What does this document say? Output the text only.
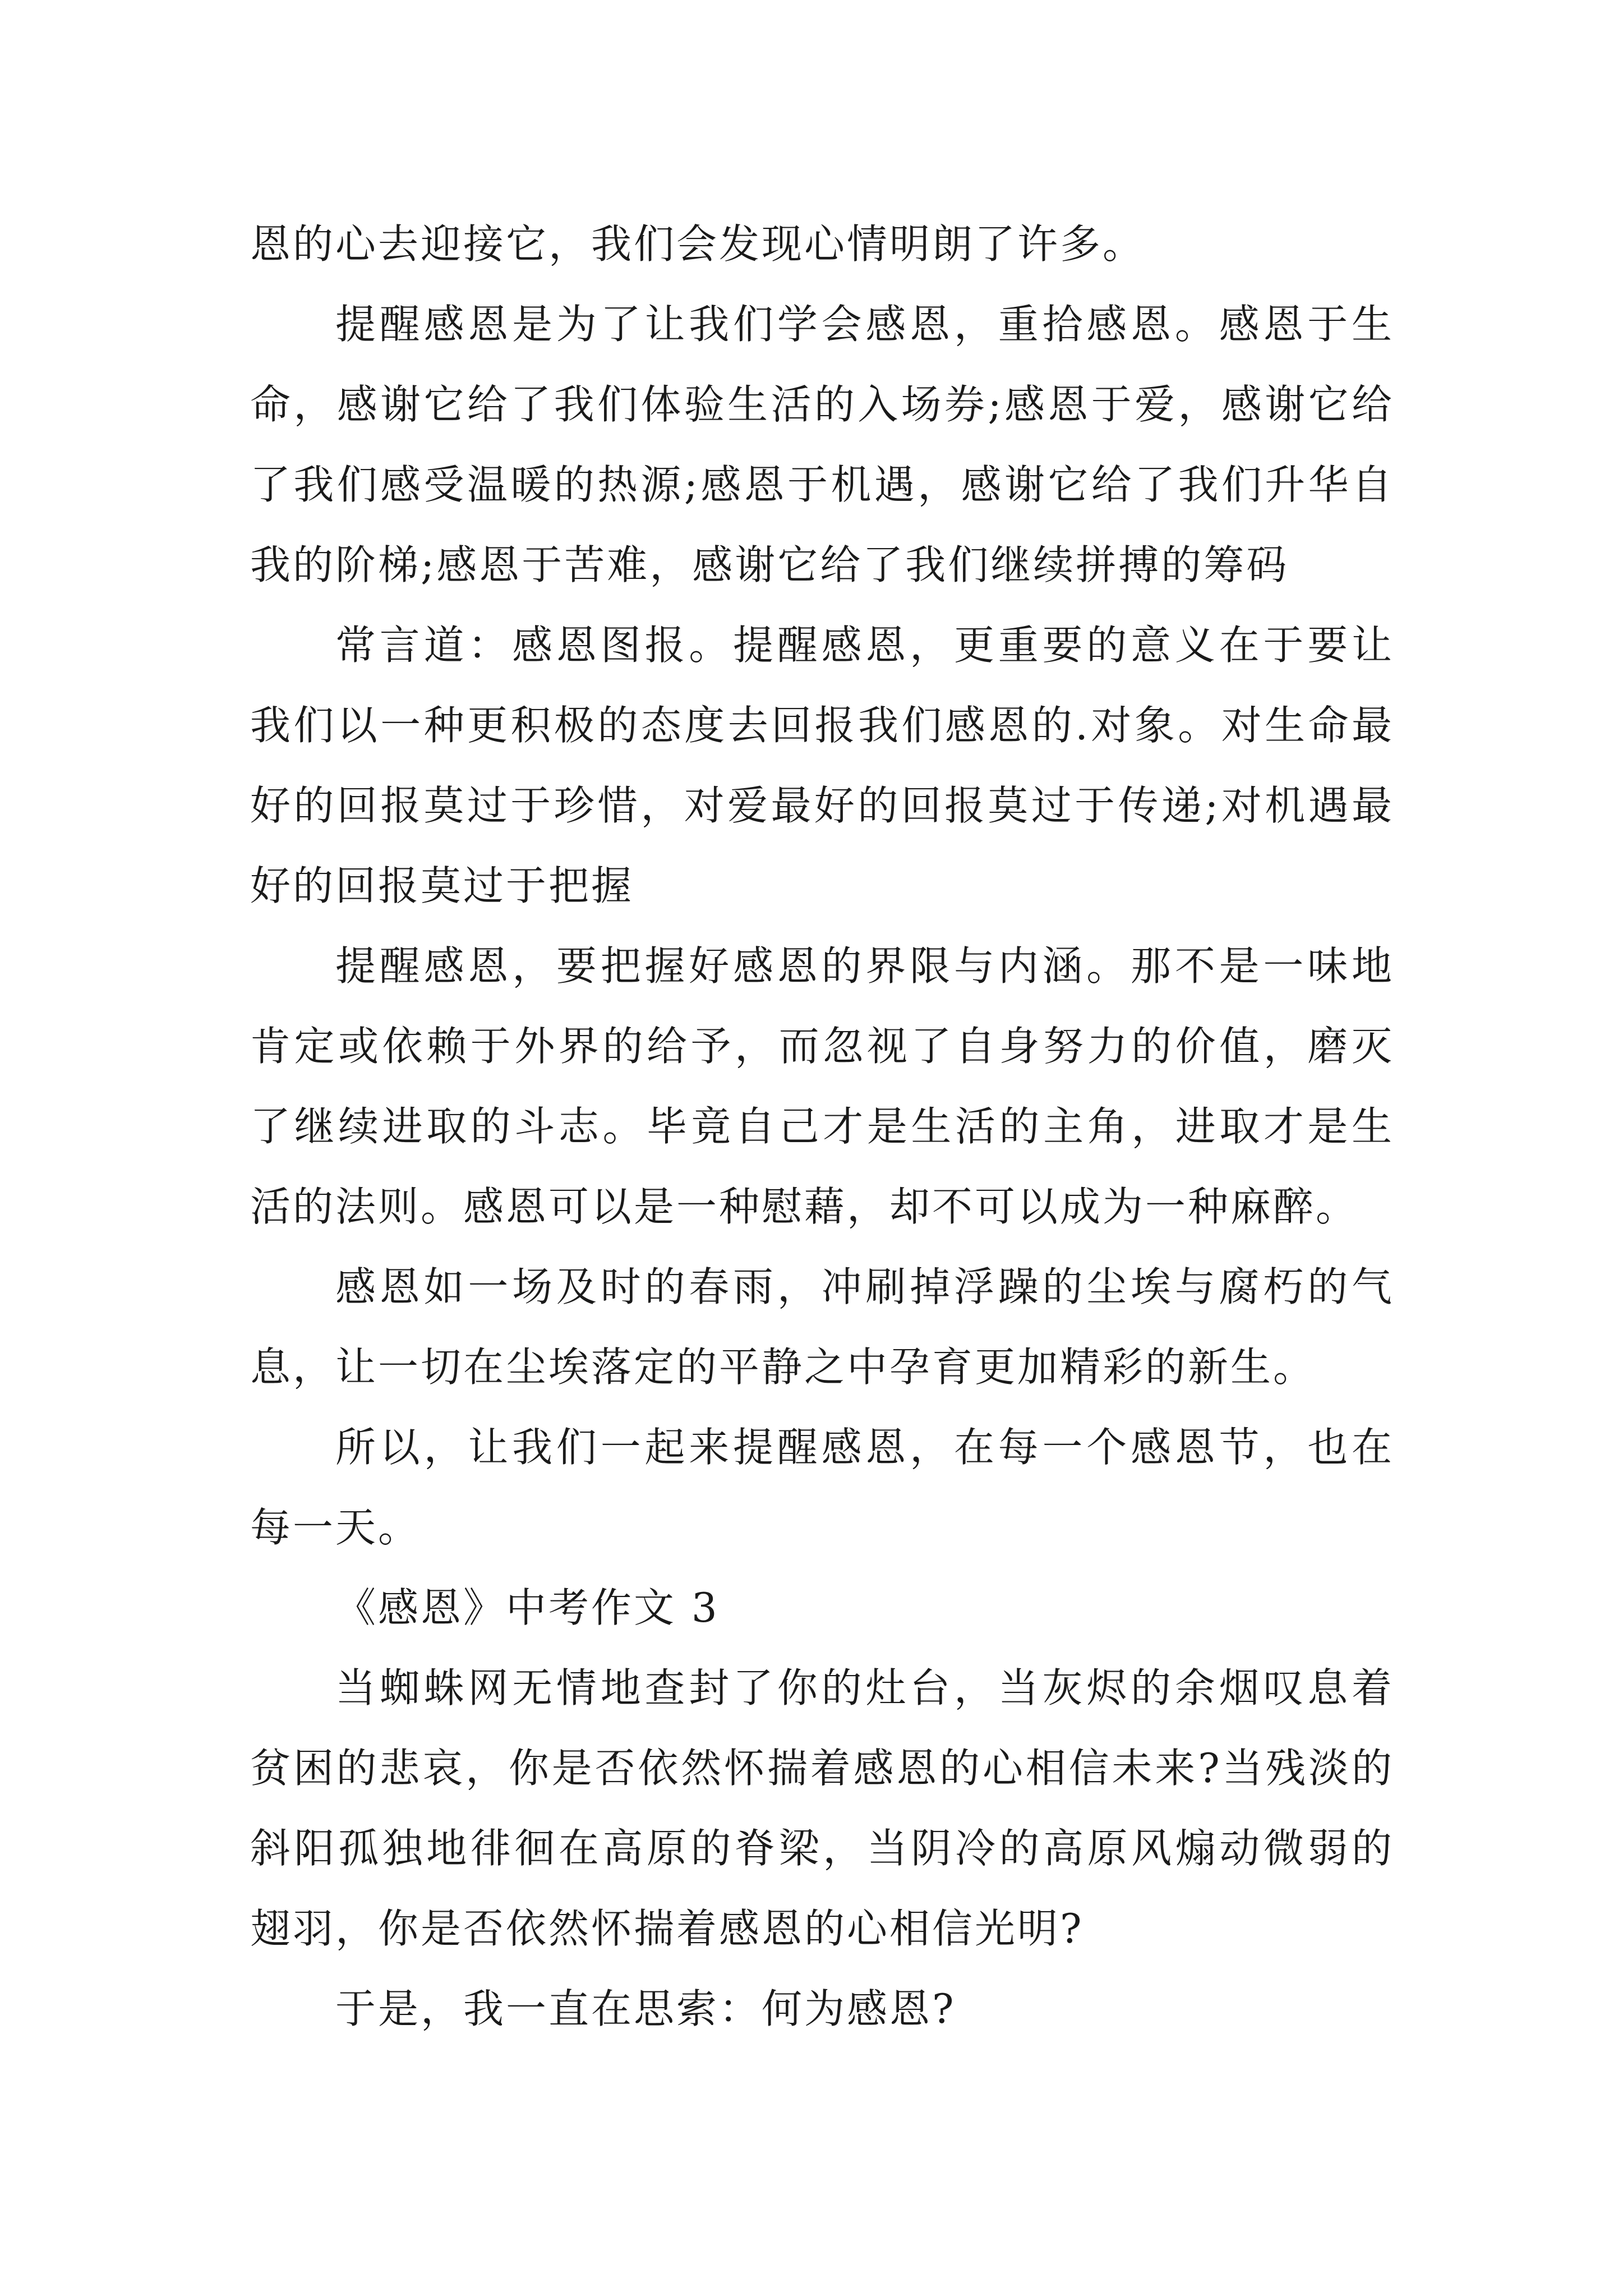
恩的心去迎接它，我们会发现心情明朗了许多。

提醒感恩是为了让我们学会感恩，重拾感恩。感恩于生命，感谢它给了我们体验生活的入场券;感恩于爱，感谢它给了我们感受温暖的热源;感恩于机遇，感谢它给了我们升华自我的阶梯;感恩于苦难，感谢它给了我们继续拼搏的筹码

常言道：感恩图报。提醒感恩，更重要的意义在于要让我们以一种更积极的态度去回报我们感恩的.对象。对生命最好的回报莫过于珍惜，对爱最好的回报莫过于传递;对机遇最好的回报莫过于把握

提醒感恩，要把握好感恩的界限与内涵。那不是一味地肯定或依赖于外界的给予，而忽视了自身努力的价值，磨灭了继续进取的斗志。毕竟自己才是生活的主角，进取才是生活的法则。感恩可以是一种慰藉，却不可以成为一种麻醉。

感恩如一场及时的春雨，冲刷掉浮躁的尘埃与腐朽的气息，让一切在尘埃落定的平静之中孕育更加精彩的新生。

所以，让我们一起来提醒感恩，在每一个感恩节，也在每一天。

《感恩》中考作文 3

当蜘蛛网无情地查封了你的灶台，当灰烬的余烟叹息着贫困的悲哀，你是否依然怀揣着感恩的心相信未来?当残淡的斜阳孤独地徘徊在高原的脊梁，当阴冷的高原风煽动微弱的翅羽，你是否依然怀揣着感恩的心相信光明?

于是，我一直在思索：何为感恩?
